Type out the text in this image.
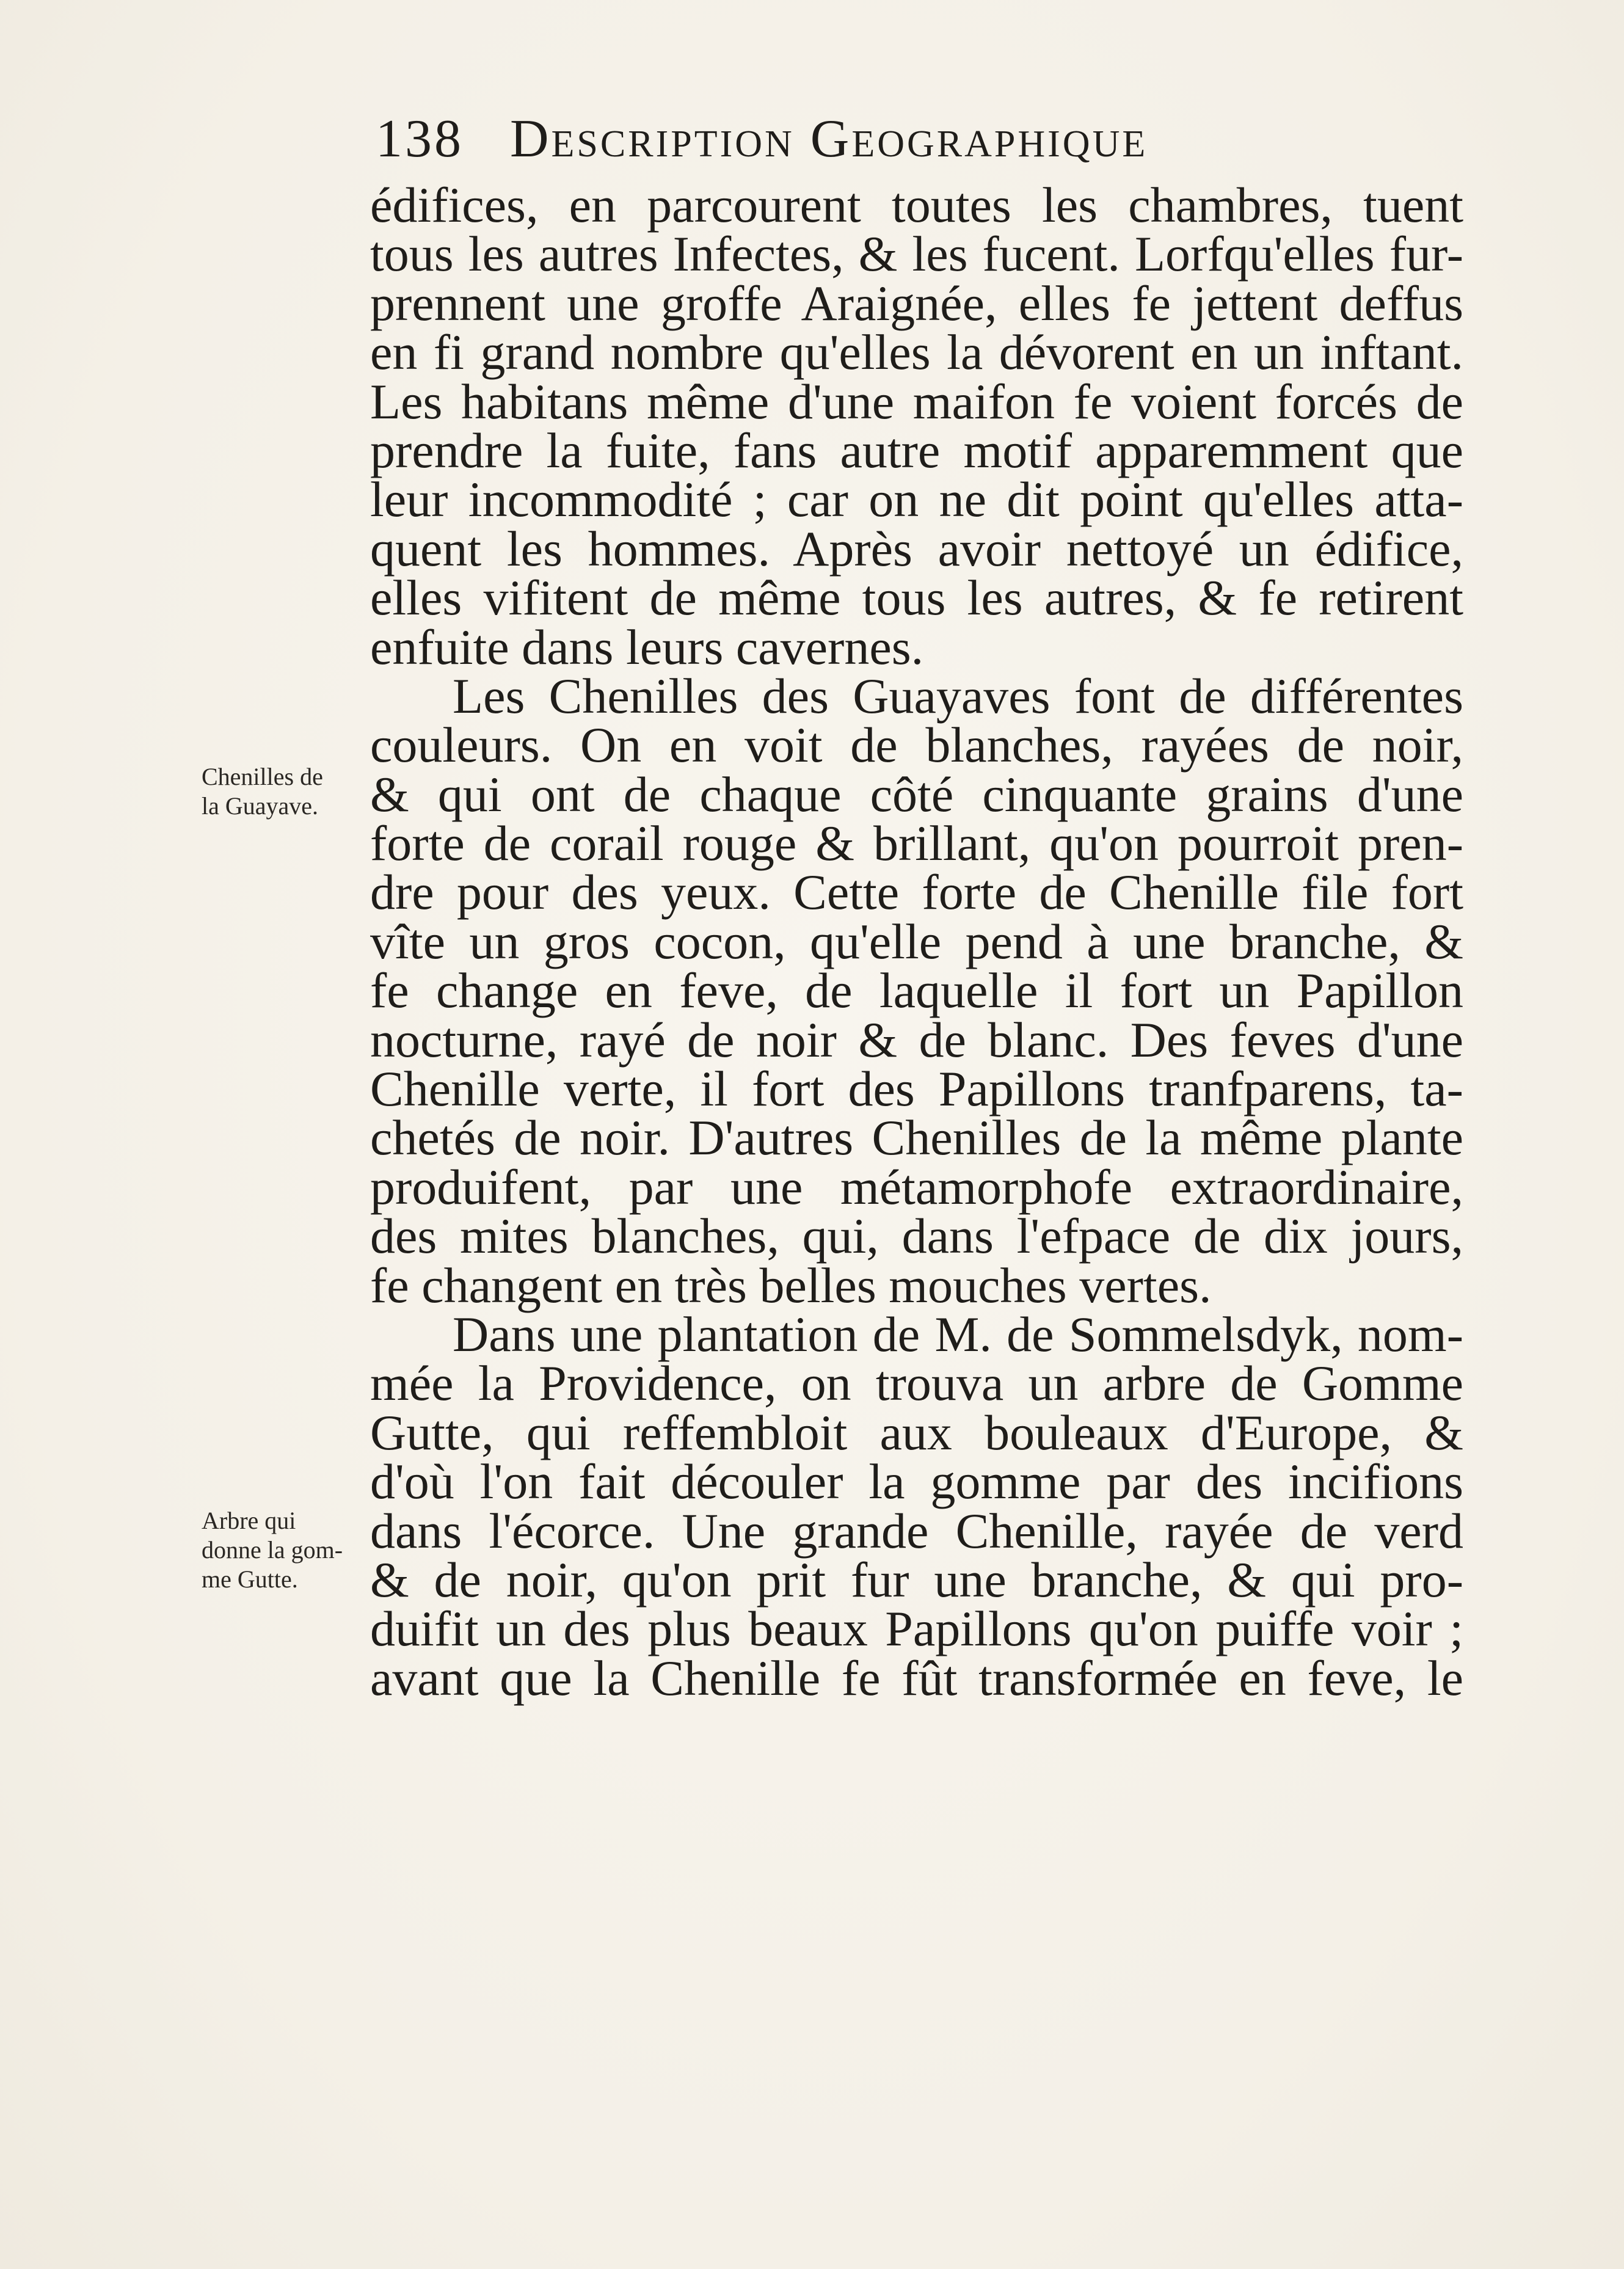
138 Description Geographique
Chenilles de
la Guayave.
Arbre qui
donne la gom-
me Gutte.
édifices, en parcourent toutes les chambres, tuent
tous les autres Infectes, & les fucent. Lorfqu'elles fur-
prennent une groffe Araignée, elles fe jettent deffus
en fi grand nombre qu'elles la dévorent en un inftant.
Les habitans même d'une maifon fe voient forcés de
prendre la fuite, fans autre motif apparemment que
leur incommodité ; car on ne dit point qu'elles atta-
quent les hommes. Après avoir nettoyé un édifice,
elles vifitent de même tous les autres, & fe retirent
enfuite dans leurs cavernes.
Les Chenilles des Guayaves font de différentes
couleurs. On en voit de blanches, rayées de noir,
& qui ont de chaque côté cinquante grains d'une
forte de corail rouge & brillant, qu'on pourroit pren-
dre pour des yeux. Cette forte de Chenille file fort
vîte un gros cocon, qu'elle pend à une branche, &
fe change en feve, de laquelle il fort un Papillon
nocturne, rayé de noir & de blanc. Des feves d'une
Chenille verte, il fort des Papillons tranfparens, ta-
chetés de noir. D'autres Chenilles de la même plante
produifent, par une métamorphofe extraordinaire,
des mites blanches, qui, dans l'efpace de dix jours,
fe changent en très belles mouches vertes.
Dans une plantation de M. de Sommelsdyk, nom-
mée la Providence, on trouva un arbre de Gomme
Gutte, qui reffembloit aux bouleaux d'Europe, &
d'où l'on fait découler la gomme par des incifions
dans l'écorce. Une grande Chenille, rayée de verd
& de noir, qu'on prit fur une branche, & qui pro-
duifit un des plus beaux Papillons qu'on puiffe voir ;
avant que la Chenille fe fût transformée en feve, le
